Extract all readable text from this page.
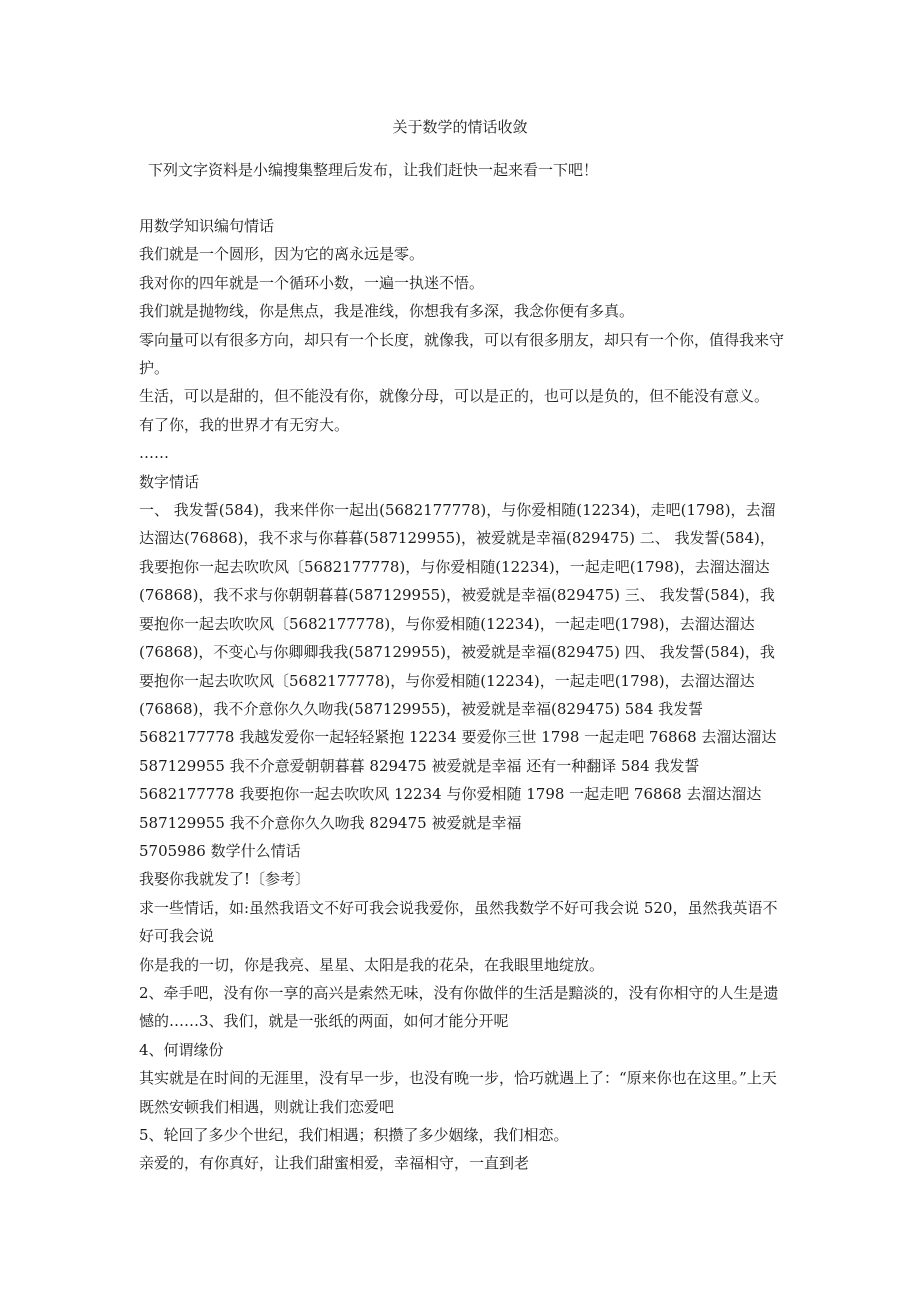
关于数学的情话收敛
下列文字资料是小编搜集整理后发布，让我们赶快一起来看一下吧！

用数学知识编句情话

我们就是一个圆形，因为它的离永远是零。

我对你的四年就是一个循环小数，一遍一执迷不悟。

我们就是抛物线，你是焦点，我是准线，你想我有多深，我念你便有多真。

零向量可以有很多方向，却只有一个长度，就像我，可以有很多朋友，却只有一个你，值得我来守护。

生活，可以是甜的，但不能没有你，就像分母，可以是正的，也可以是负的，但不能没有意义。

有了你，我的世界才有无穷大。

……

数字情话

一、 我发誓(584)，我来伴你一起出(5682177778)，与你爱相随(12234)，走吧(1798)，去溜达溜达(76868)，我不求与你暮暮(587129955)，被爱就是幸福(829475) 二、 我发誓(584)，我要抱你一起去吹吹风〔5682177778)，与你爱相随(12234)，一起走吧(1798)，去溜达溜达(76868)，我不求与你朝朝暮暮(587129955)，被爱就是幸福(829475) 三、 我发誓(584)，我要抱你一起去吹吹风〔5682177778)，与你爱相随(12234)，一起走吧(1798)，去溜达溜达(76868)，不变心与你卿卿我我(587129955)，被爱就是幸福(829475) 四、 我发誓(584)，我要抱你一起去吹吹风〔5682177778)，与你爱相随(12234)，一起走吧(1798)，去溜达溜达(76868)，我不介意你久久吻我(587129955)，被爱就是幸福(829475) 584 我发誓 5682177778 我越发爱你一起轻轻紧抱 12234 要爱你三世 1798 一起走吧 76868 去溜达溜达 587129955 我不介意爱朝朝暮暮 829475 被爱就是幸福 还有一种翻译 584 我发誓 5682177778 我要抱你一起去吹吹风 12234 与你爱相随 1798 一起走吧 76868 去溜达溜达 587129955 我不介意你久久吻我 829475 被爱就是幸福

5705986 数学什么情话

我娶你我就发了!〔参考〕

求一些情话，如:虽然我语文不好可我会说我爱你，虽然我数学不好可我会说 520，虽然我英语不好可我会说

你是我的一切，你是我亮、星星、太阳是我的花朵，在我眼里地绽放。

2、牵手吧，没有你一享的高兴是索然无味，没有你做伴的生活是黯淡的，没有你相守的人生是遗憾的……3、我们，就是一张纸的两面，如何才能分开呢

4、何谓缘份

其实就是在时间的无涯里，没有早一步，也没有晚一步，恰巧就遇上了：“原来你也在这里。”上天既然安顿我们相遇，则就让我们恋爱吧

5、轮回了多少个世纪，我们相遇；积攒了多少姻缘，我们相恋。

亲爱的，有你真好，让我们甜蜜相爱，幸福相守，一直到老
